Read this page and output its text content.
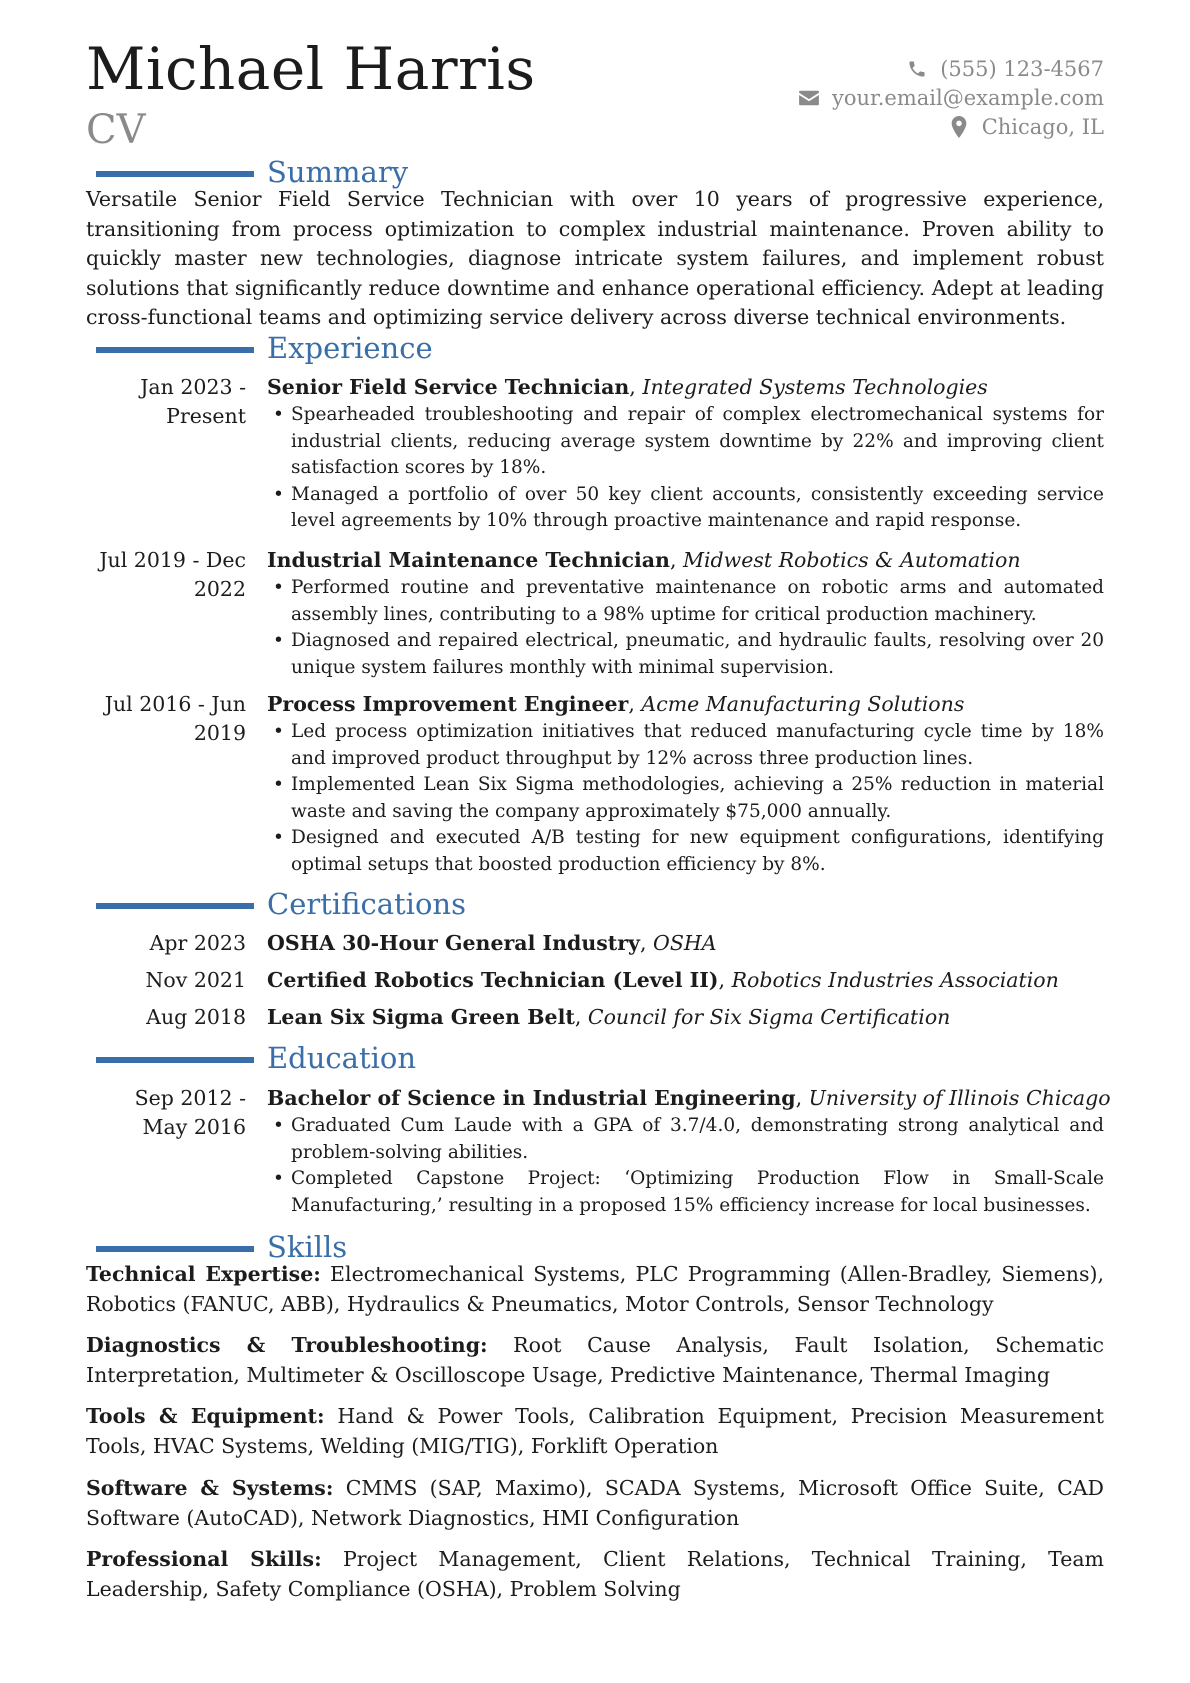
Michael Harris
CV
(555) 123-4567
your.email@example.com
Chicago, IL
Summary
Versatile Senior Field Service Technician with over 10 years of progressive experience, transitioning from process optimization to complex industrial maintenance. Proven ability to quickly master new technologies, diagnose intricate system failures, and implement robust solutions that significantly reduce downtime and enhance operational efficiency. Adept at leading cross-functional teams and optimizing service delivery across diverse technical environments.
Experience
Jan 2023 - Present
Senior Field Service Technician, Integrated Systems Technologies
• Spearheaded troubleshooting and repair of complex electromechanical systems for industrial clients, reducing average system downtime by 22% and improving client satisfaction scores by 18%.
• Managed a portfolio of over 50 key client accounts, consistently exceeding service level agreements by 10% through proactive maintenance and rapid response.
Jul 2019 - Dec 2022
Industrial Maintenance Technician, Midwest Robotics & Automation
• Performed routine and preventative maintenance on robotic arms and automated assembly lines, contributing to a 98% uptime for critical production machinery.
• Diagnosed and repaired electrical, pneumatic, and hydraulic faults, resolving over 20 unique system failures monthly with minimal supervision.
Jul 2016 - Jun 2019
Process Improvement Engineer, Acme Manufacturing Solutions
• Led process optimization initiatives that reduced manufacturing cycle time by 18% and improved product throughput by 12% across three production lines.
• Implemented Lean Six Sigma methodologies, achieving a 25% reduction in material waste and saving the company approximately $75,000 annually.
• Designed and executed A/B testing for new equipment configurations, identifying optimal setups that boosted production efficiency by 8%.
Certifications
Apr 2023 OSHA 30-Hour General Industry, OSHA
Nov 2021 Certified Robotics Technician (Level II), Robotics Industries Association
Aug 2018 Lean Six Sigma Green Belt, Council for Six Sigma Certification
Education
Sep 2012 - May 2016
Bachelor of Science in Industrial Engineering, University of Illinois Chicago
• Graduated Cum Laude with a GPA of 3.7/4.0, demonstrating strong analytical and problem-solving abilities.
• Completed Capstone Project: ‘Optimizing Production Flow in Small-Scale Manufacturing,’ resulting in a proposed 15% efficiency increase for local businesses.
Skills
Technical Expertise: Electromechanical Systems, PLC Programming (Allen-Bradley, Siemens), Robotics (FANUC, ABB), Hydraulics & Pneumatics, Motor Controls, Sensor Technology
Diagnostics & Troubleshooting: Root Cause Analysis, Fault Isolation, Schematic Interpretation, Multimeter & Oscilloscope Usage, Predictive Maintenance, Thermal Imaging
Tools & Equipment: Hand & Power Tools, Calibration Equipment, Precision Measurement Tools, HVAC Systems, Welding (MIG/TIG), Forklift Operation
Software & Systems: CMMS (SAP, Maximo), SCADA Systems, Microsoft Office Suite, CAD Software (AutoCAD), Network Diagnostics, HMI Configuration
Professional Skills: Project Management, Client Relations, Technical Training, Team Leadership, Safety Compliance (OSHA), Problem Solving
